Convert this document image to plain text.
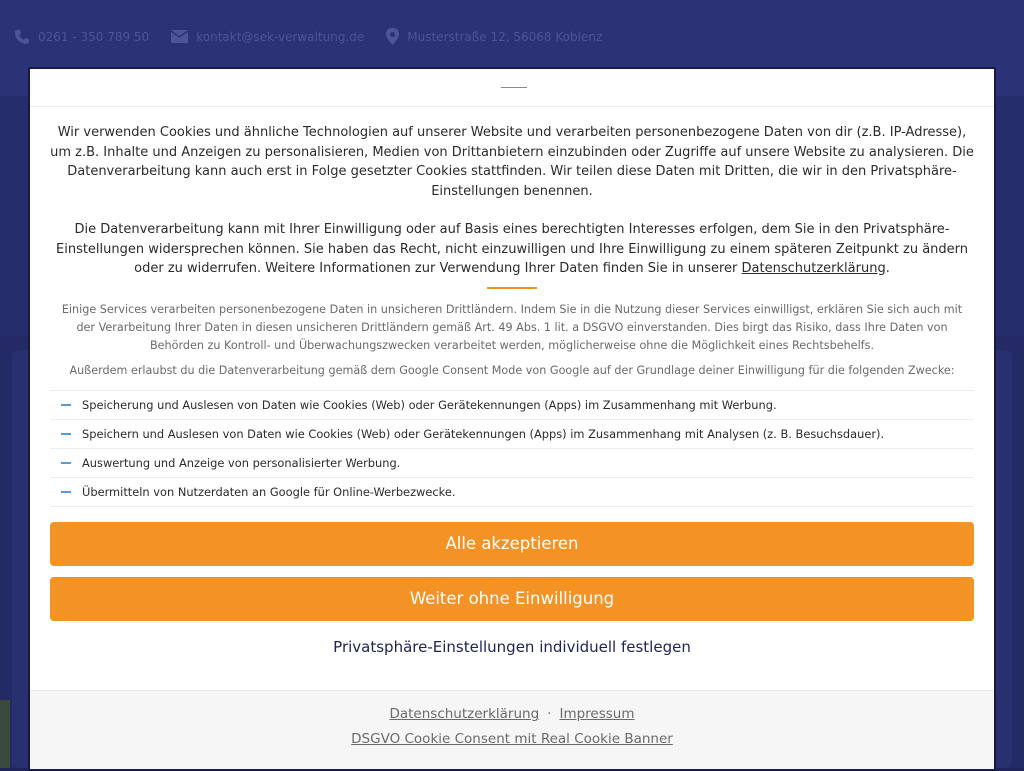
0261 - 350 789 50	kontakt@sek-verwaltung.de	Musterstraße 12, 56068 Koblenz

Wir verwenden Cookies und ähnliche Technologien auf unserer Website und verarbeiten personenbezogene Daten von dir (z.B. IP-Adresse), um z.B. Inhalte und Anzeigen zu personalisieren, Medien von Drittanbietern einzubinden oder Zugriffe auf unsere Website zu analysieren. Die Datenverarbeitung kann auch erst in Folge gesetzter Cookies stattfinden. Wir teilen diese Daten mit Dritten, die wir in den Privatsphäre-Einstellungen benennen.

Die Datenverarbeitung kann mit Ihrer Einwilligung oder auf Basis eines berechtigten Interesses erfolgen, dem Sie in den Privatsphäre-Einstellungen widersprechen können. Sie haben das Recht, nicht einzuwilligen und Ihre Einwilligung zu einem späteren Zeitpunkt zu ändern oder zu widerrufen. Weitere Informationen zur Verwendung Ihrer Daten finden Sie in unserer Datenschutzerklärung.

Einige Services verarbeiten personenbezogene Daten in unsicheren Drittländern. Indem Sie in die Nutzung dieser Services einwilligst, erklären Sie sich auch mit der Verarbeitung Ihrer Daten in diesen unsicheren Drittländern gemäß Art. 49 Abs. 1 lit. a DSGVO einverstanden. Dies birgt das Risiko, dass Ihre Daten von Behörden zu Kontroll- und Überwachungszwecken verarbeitet werden, möglicherweise ohne die Möglichkeit eines Rechtsbehelfs.

Außerdem erlaubst du die Datenverarbeitung gemäß dem Google Consent Mode von Google auf der Grundlage deiner Einwilligung für die folgenden Zwecke:

Speicherung und Auslesen von Daten wie Cookies (Web) oder Gerätekennungen (Apps) im Zusammenhang mit Werbung.
Speichern und Auslesen von Daten wie Cookies (Web) oder Gerätekennungen (Apps) im Zusammenhang mit Analysen (z. B. Besuchsdauer).
Auswertung und Anzeige von personalisierter Werbung.
Übermitteln von Nutzerdaten an Google für Online-Werbezwecke.
Alle akzeptieren
Weiter ohne Einwilligung
Privatsphäre-Einstellungen individuell festlegen
Datenschutzerklärung · Impressum
DSGVO Cookie Consent mit Real Cookie Banner
